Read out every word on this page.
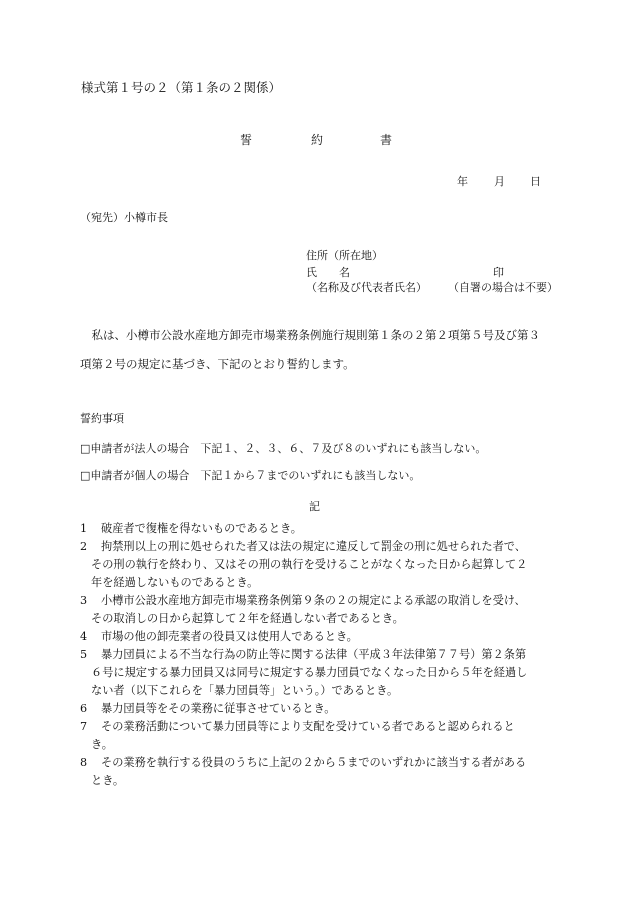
様式第１号の２（第１条の２関係）
誓	約	書
年 月 日
（宛先）小樽市長
住所（所在地）
氏　　名	印
（名称及び代表者氏名） （自署の場合は不要）
　私は、小樽市公設水産地方卸売市場業務条例施行規則第１条の２第２項第５号及び第３
項第２号の規定に基づき、下記のとおり誓約します。
誓約事項
□申請者が法人の場合　下記１、２、３、６、７及び８のいずれにも該当しない。
□申請者が個人の場合　下記１から７までのいずれにも該当しない。
記
1 破産者で復権を得ないものであるとき。
2 拘禁刑以上の刑に処せられた者又は法の規定に違反して罰金の刑に処せられた者で、
その刑の執行を終わり、又はその刑の執行を受けることがなくなった日から起算して２
年を経過しないものであるとき。
3 小樽市公設水産地方卸売市場業務条例第９条の２の規定による承認の取消しを受け、
その取消しの日から起算して２年を経過しない者であるとき。
4 市場の他の卸売業者の役員又は使用人であるとき。
5 暴力団員による不当な行為の防止等に関する法律（平成３年法律第７７号）第２条第
６号に規定する暴力団員又は同号に規定する暴力団員でなくなった日から５年を経過し
ない者（以下これらを「暴力団員等」という。）であるとき。
6 暴力団員等をその業務に従事させているとき。
7 その業務活動について暴力団員等により支配を受けている者であると認められると
き。
8 その業務を執行する役員のうちに上記の２から５までのいずれかに該当する者がある
とき。
